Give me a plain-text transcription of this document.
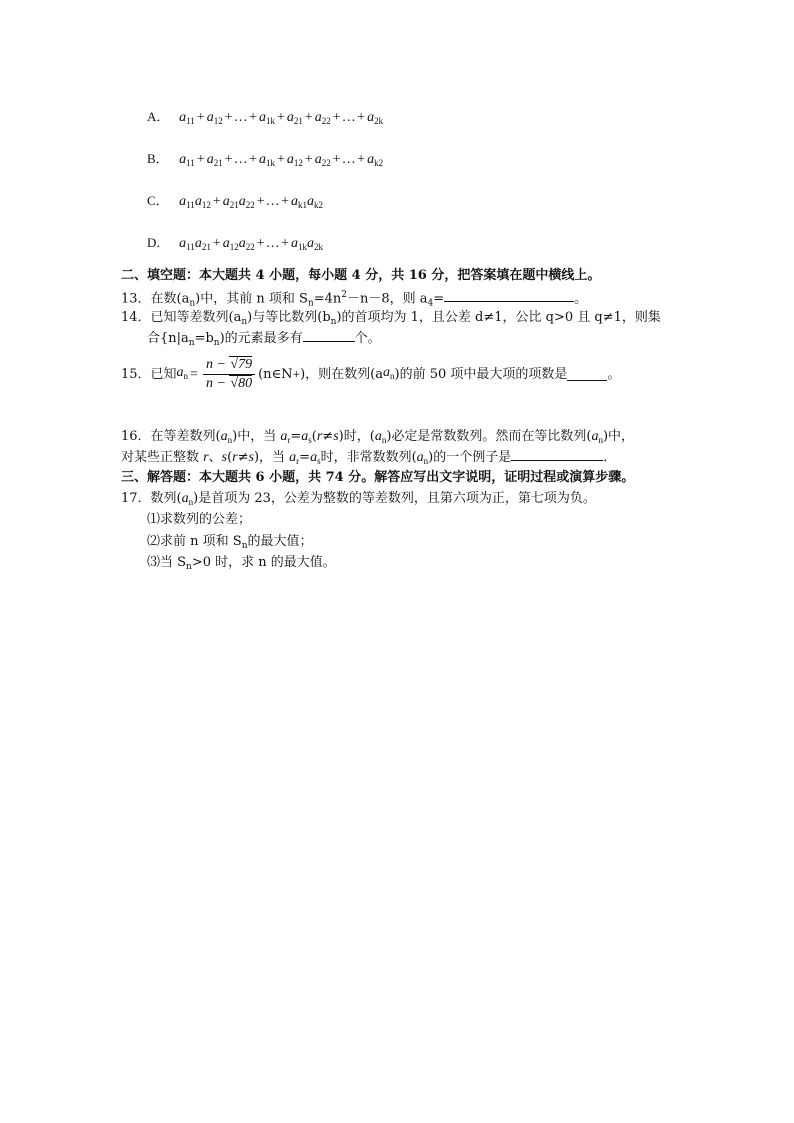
A． $a_{11} + a_{12}$ + … + $a_{1k} + a_{21} + a_{22}$ + … + $a_{2k}$
B． $a_{11} + a_{21}$ + … + $a_{1k} + a_{12} + a_{22}$ + … + $a_{k2}$
C． $a_{11}a_{12} + a_{21}a_{22}$ + … + $a_{k1}a_{k2}$
D． $a_{11}a_{21} + a_{12}a_{22}$ + … + $a_{1k}a_{2k}$
二、填空题：本大题共 4 小题，每小题 4 分，共 16 分，把答案填在题中横线上。
13．在数$(a_n)$中，其前 n 项和 $S_n=4n^2-n-8$，则 $a_4=$	。
14．已知等差数列$(a_n)$与等比数列$(b_n)$的首项均为 1，且公差 d≠1，公比 q>0 且 q≠1，则集
合$\{n|a_n=b_n)$的元素最多有	个。
15．已知 $a_n = \frac{n - √79}{n - √80}$ (n∈N + )，则在数列(a $a_n$ )的前 50 项中最大项的项数是	。
16．在等差数列$(a_n)$中，当 $a_r=a_s(r\ne s)$时，$(a_n)$必定是常数数列。然而在等比数列$(a_n)$中，
对某些正整数 r、s(r≠s)，当 $a_r=a_s$时，非常数数列$(a_n)$的一个例子是	．
三、解答题：本大题共 6 小题，共 74 分。解答应写出文字说明，证明过程或演算步骤。
17．数列$(a_n)$是首项为 23，公差为整数的等差数列，且第六项为正，第七项为负。
⑴求数列的公差；
⑵求前 n 项和 $S_n$的最大值；
⑶当 $S_n>0$ 时，求 n 的最大值。
